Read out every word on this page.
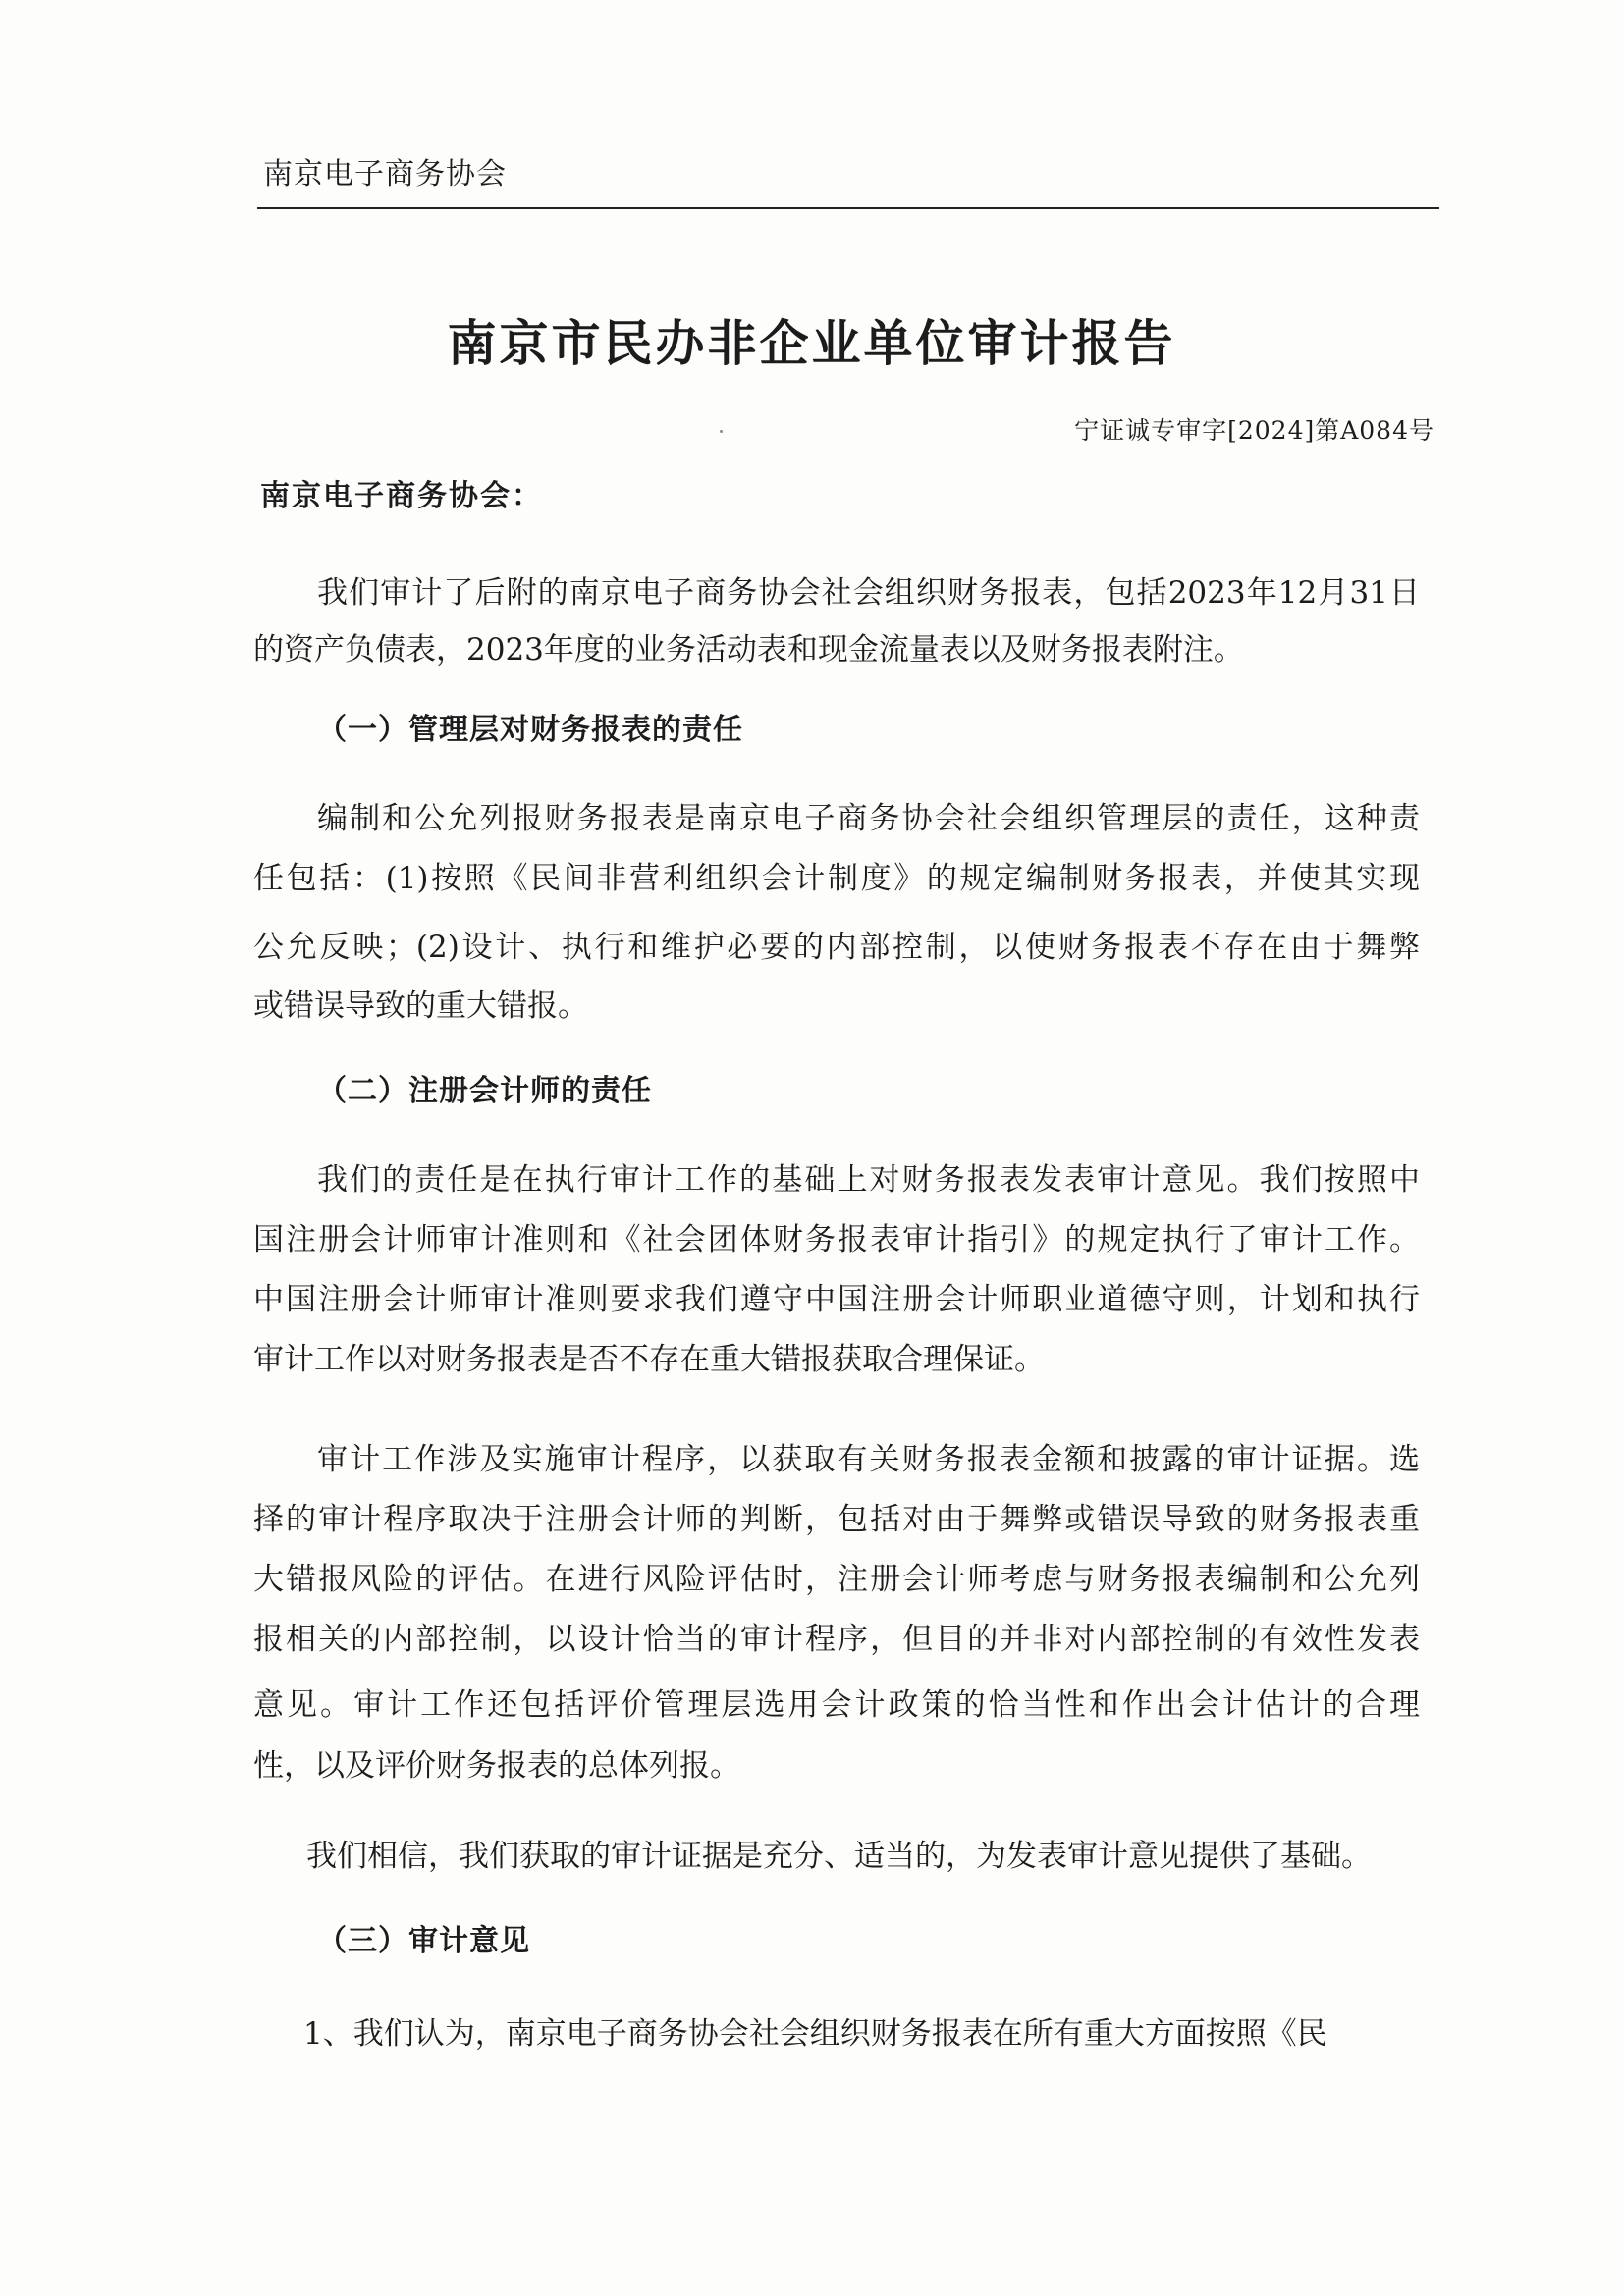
南京电子商务协会
南京市民办非企业单位审计报告
宁证诚专审字[2024]第A084号
南京电子商务协会：
我们审计了后附的南京电子商务协会社会组织财务报表，包括2023年12月31日
的资产负债表，2023年度的业务活动表和现金流量表以及财务报表附注。
（一）管理层对财务报表的责任
编制和公允列报财务报表是南京电子商务协会社会组织管理层的责任，这种责
任包括：(1)按照《民间非营利组织会计制度》的规定编制财务报表，并使其实现
公允反映；(2)设计、执行和维护必要的内部控制，以使财务报表不存在由于舞弊
或错误导致的重大错报。
（二）注册会计师的责任
我们的责任是在执行审计工作的基础上对财务报表发表审计意见。我们按照中
国注册会计师审计准则和《社会团体财务报表审计指引》的规定执行了审计工作。
中国注册会计师审计准则要求我们遵守中国注册会计师职业道德守则，计划和执行
审计工作以对财务报表是否不存在重大错报获取合理保证。
审计工作涉及实施审计程序，以获取有关财务报表金额和披露的审计证据。选
择的审计程序取决于注册会计师的判断，包括对由于舞弊或错误导致的财务报表重
大错报风险的评估。在进行风险评估时，注册会计师考虑与财务报表编制和公允列
报相关的内部控制，以设计恰当的审计程序，但目的并非对内部控制的有效性发表
意见。审计工作还包括评价管理层选用会计政策的恰当性和作出会计估计的合理
性，以及评价财务报表的总体列报。
我们相信，我们获取的审计证据是充分、适当的，为发表审计意见提供了基础。
（三）审计意见
1、我们认为，南京电子商务协会社会组织财务报表在所有重大方面按照《民
